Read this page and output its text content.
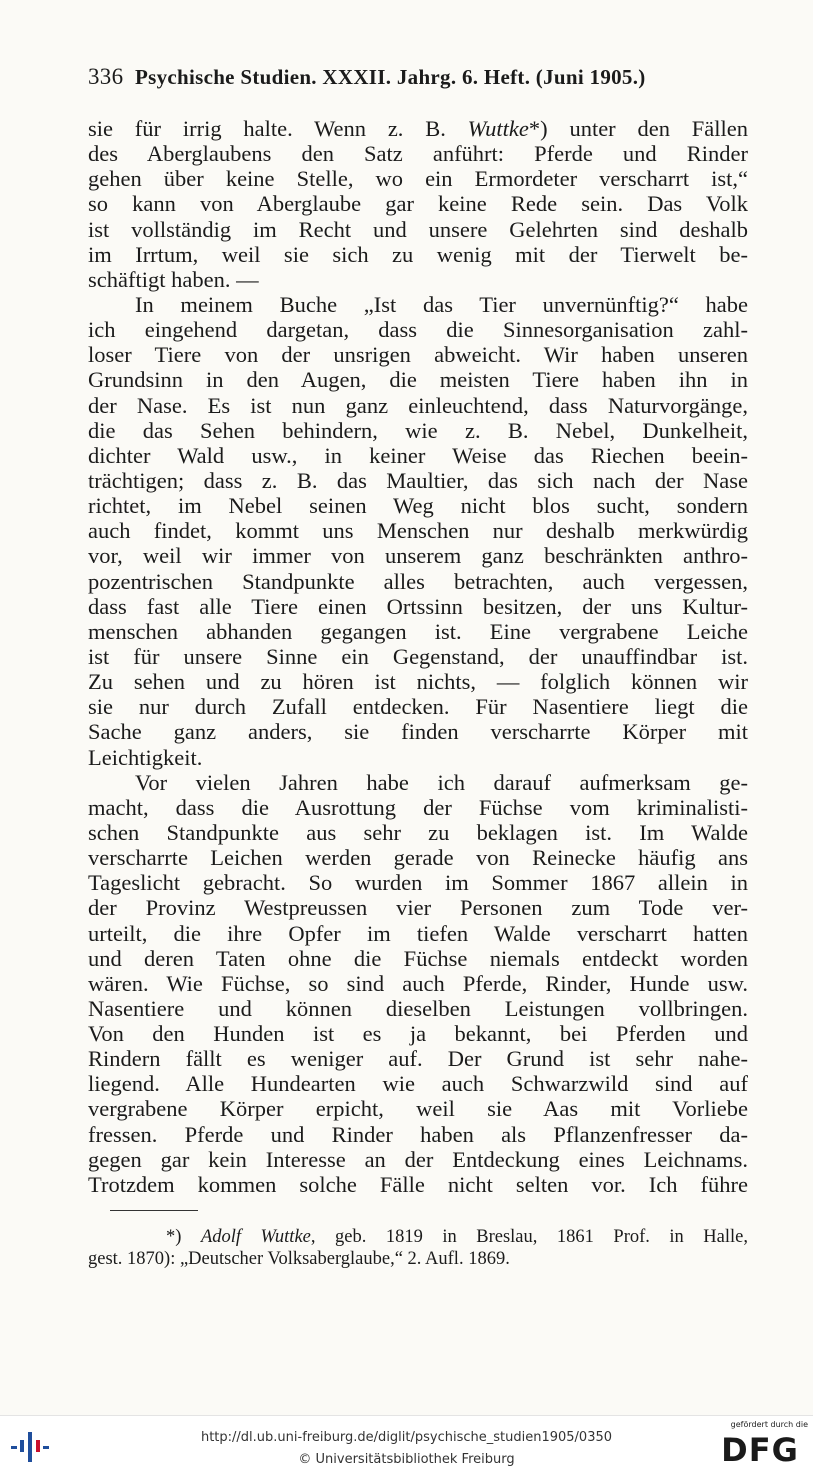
336 Psychische Studien. XXXII. Jahrg. 6. Heft. (Juni 1905.)
sie für irrig halte. Wenn z. B. Wuttke*) unter den Fällen
des Aberglaubens den Satz anführt: Pferde und Rinder
gehen über keine Stelle, wo ein Ermordeter verscharrt ist,“
so kann von Aberglaube gar keine Rede sein. Das Volk
ist vollständig im Recht und unsere Gelehrten sind deshalb
im Irrtum, weil sie sich zu wenig mit der Tierwelt be-
schäftigt haben. —
In meinem Buche „Ist das Tier unvernünftig?“ habe
ich eingehend dargetan, dass die Sinnesorganisation zahl-
loser Tiere von der unsrigen abweicht. Wir haben unseren
Grundsinn in den Augen, die meisten Tiere haben ihn in
der Nase. Es ist nun ganz einleuchtend, dass Naturvorgänge,
die das Sehen behindern, wie z. B. Nebel, Dunkelheit,
dichter Wald usw., in keiner Weise das Riechen beein-
trächtigen; dass z. B. das Maultier, das sich nach der Nase
richtet, im Nebel seinen Weg nicht blos sucht, sondern
auch findet, kommt uns Menschen nur deshalb merkwürdig
vor, weil wir immer von unserem ganz beschränkten anthro-
pozentrischen Standpunkte alles betrachten, auch vergessen,
dass fast alle Tiere einen Ortssinn besitzen, der uns Kultur-
menschen abhanden gegangen ist. Eine vergrabene Leiche
ist für unsere Sinne ein Gegenstand, der unauffindbar ist.
Zu sehen und zu hören ist nichts, — folglich können wir
sie nur durch Zufall entdecken. Für Nasentiere liegt die
Sache ganz anders, sie finden verscharrte Körper mit
Leichtigkeit.
Vor vielen Jahren habe ich darauf aufmerksam ge-
macht, dass die Ausrottung der Füchse vom kriminalisti-
schen Standpunkte aus sehr zu beklagen ist. Im Walde
verscharrte Leichen werden gerade von Reinecke häufig ans
Tageslicht gebracht. So wurden im Sommer 1867 allein in
der Provinz Westpreussen vier Personen zum Tode ver-
urteilt, die ihre Opfer im tiefen Walde verscharrt hatten
und deren Taten ohne die Füchse niemals entdeckt worden
wären. Wie Füchse, so sind auch Pferde, Rinder, Hunde usw.
Nasentiere und können dieselben Leistungen vollbringen.
Von den Hunden ist es ja bekannt, bei Pferden und
Rindern fällt es weniger auf. Der Grund ist sehr nahe-
liegend. Alle Hundearten wie auch Schwarzwild sind auf
vergrabene Körper erpicht, weil sie Aas mit Vorliebe
fressen. Pferde und Rinder haben als Pflanzenfresser da-
gegen gar kein Interesse an der Entdeckung eines Leichnams.
Trotzdem kommen solche Fälle nicht selten vor. Ich führe
*) Adolf Wuttke, geb. 1819 in Breslau, 1861 Prof. in Halle,
gest. 1870): „Deutscher Volksaberglaube,“ 2. Aufl. 1869.
http://dl.ub.uni-freiburg.de/diglit/psychische_studien1905/0350
© Universitätsbibliothek Freiburg
gefördert durch die
DFG
